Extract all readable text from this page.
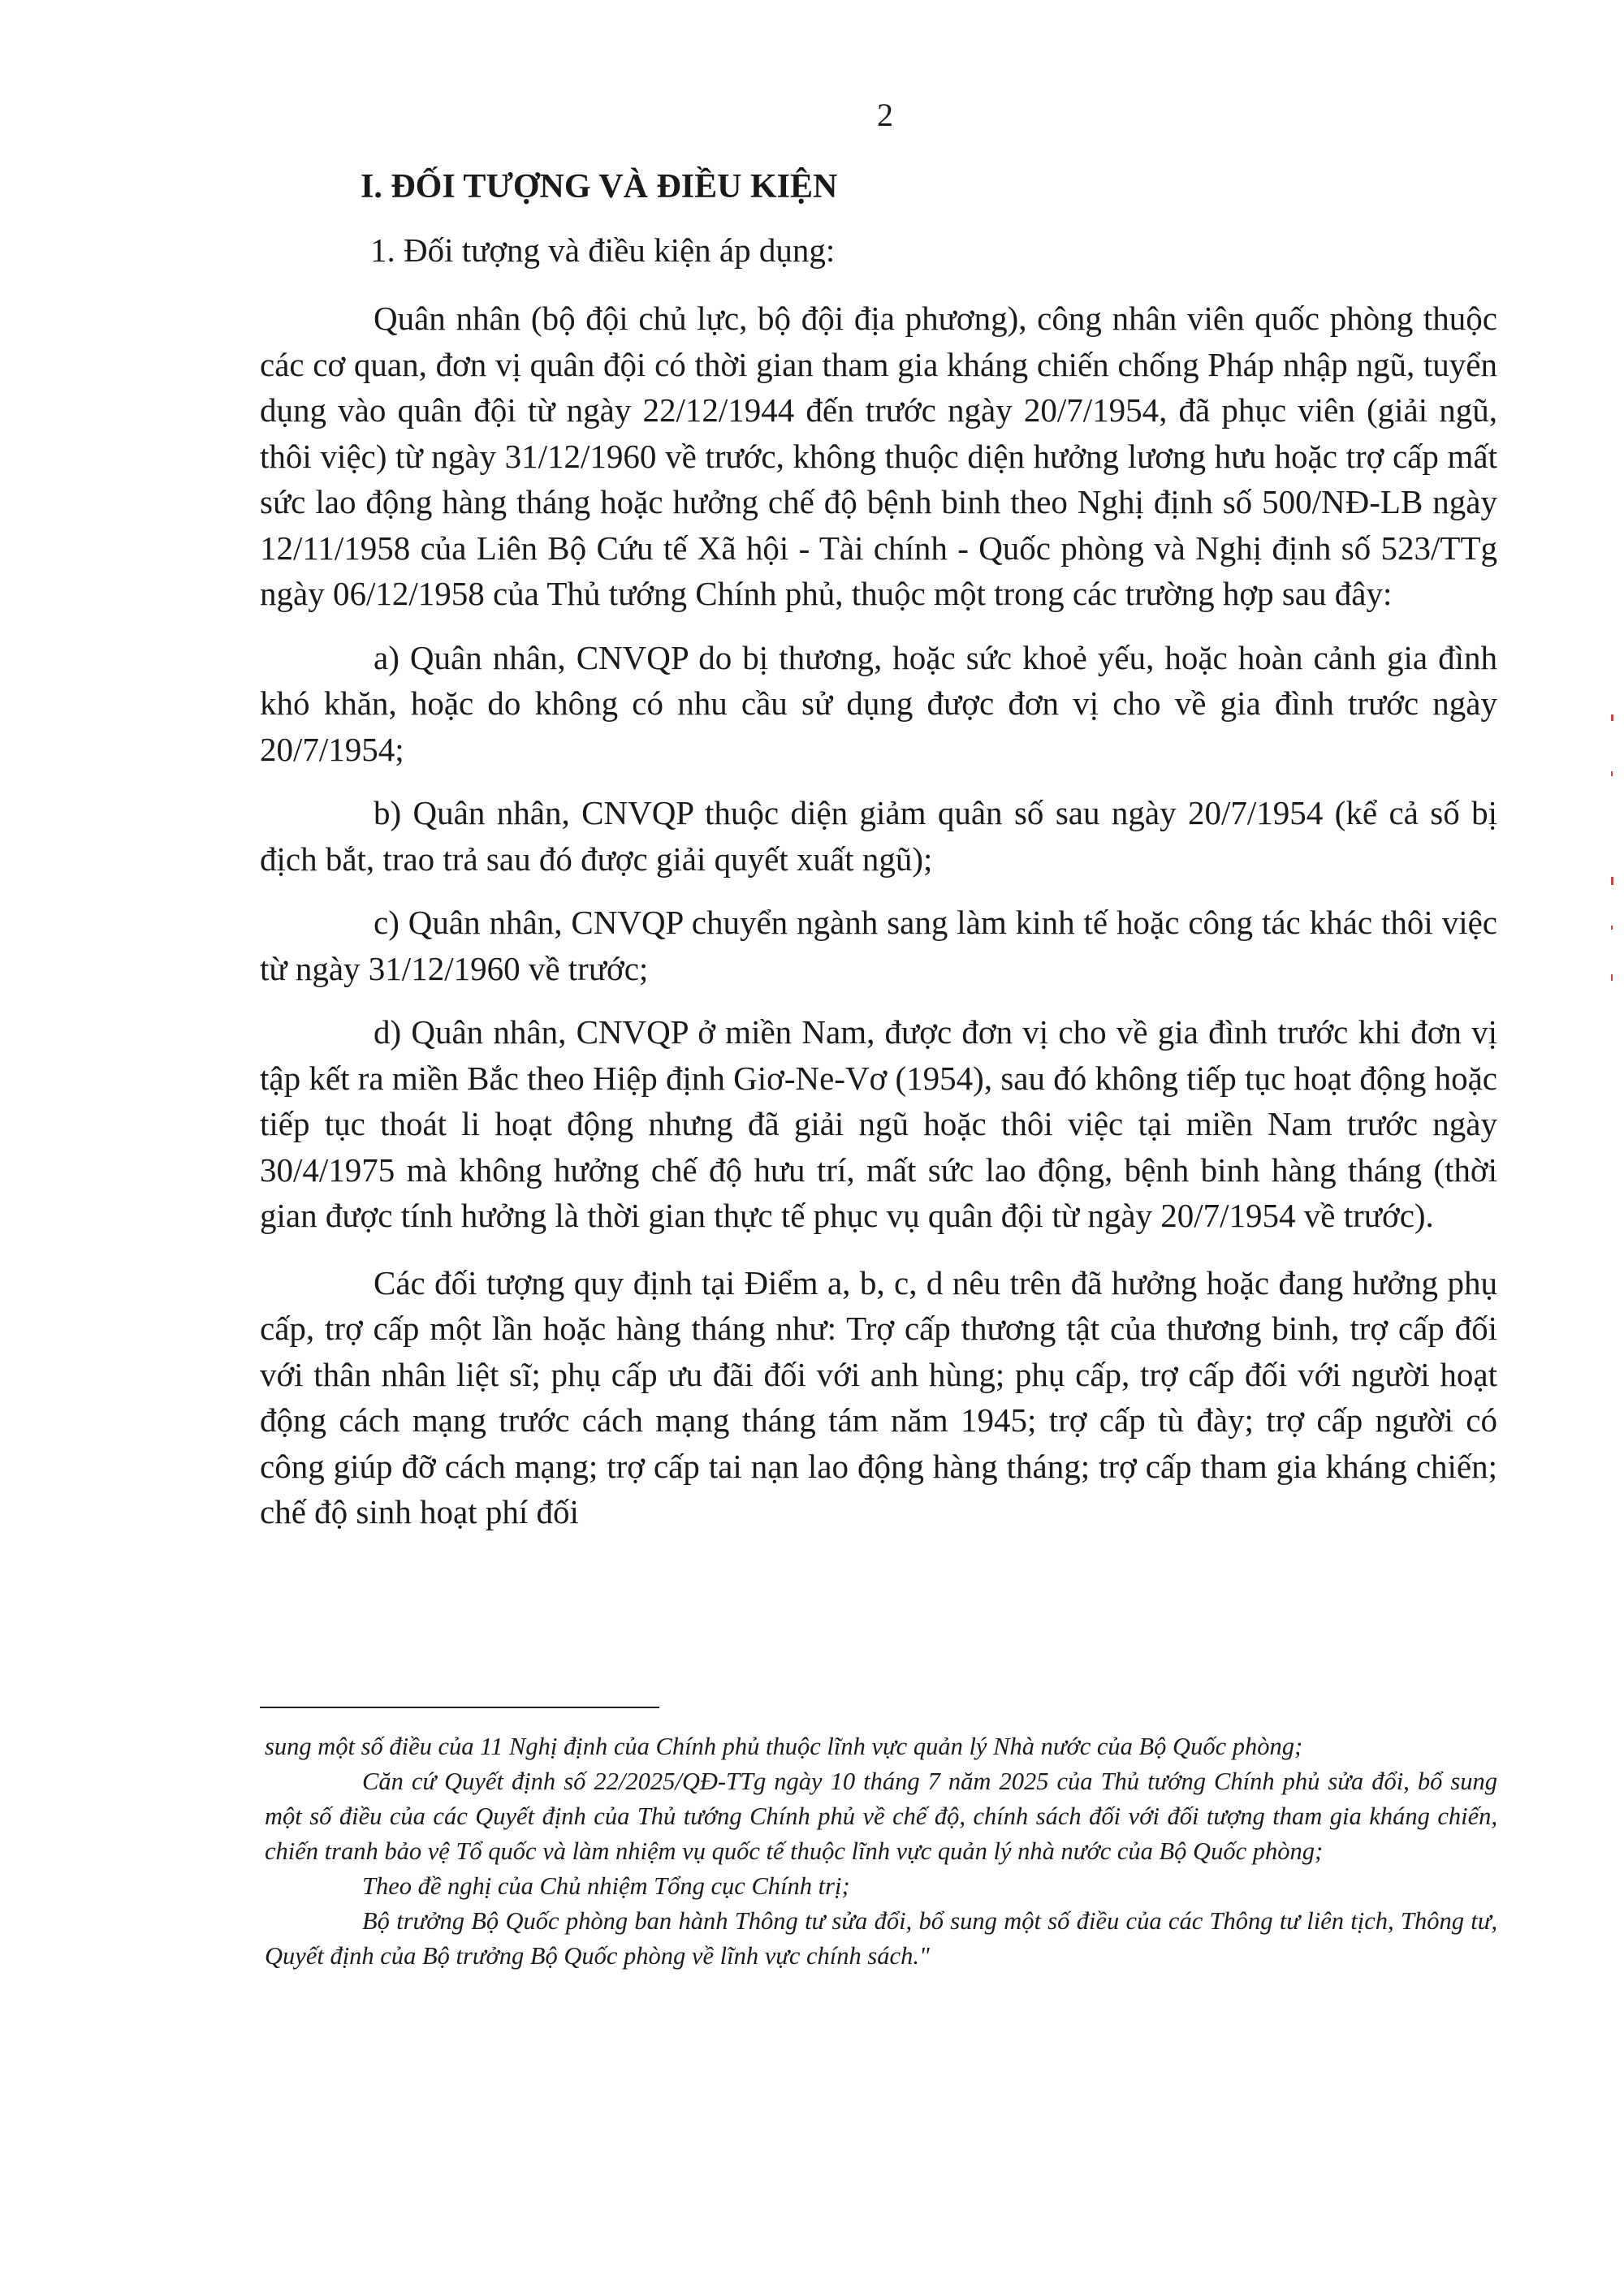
2
I. ĐỐI TƯỢNG VÀ ĐIỀU KIỆN
1. Đối tượng và điều kiện áp dụng:

Quân nhân (bộ đội chủ lực, bộ đội địa phương), công nhân viên quốc phòng thuộc các cơ quan, đơn vị quân đội có thời gian tham gia kháng chiến chống Pháp nhập ngũ, tuyển dụng vào quân đội từ ngày 22/12/1944 đến trước ngày 20/7/1954, đã phục viên (giải ngũ, thôi việc) từ ngày 31/12/1960 về trước, không thuộc diện hưởng lương hưu hoặc trợ cấp mất sức lao động hàng tháng hoặc hưởng chế độ bệnh binh theo Nghị định số 500/NĐ-LB ngày 12/11/1958 của Liên Bộ Cứu tế Xã hội - Tài chính - Quốc phòng và Nghị định số 523/TTg ngày 06/12/1958 của Thủ tướng Chính phủ, thuộc một trong các trường hợp sau đây:

a) Quân nhân, CNVQP do bị thương, hoặc sức khoẻ yếu, hoặc hoàn cảnh gia đình khó khăn, hoặc do không có nhu cầu sử dụng được đơn vị cho về gia đình trước ngày 20/7/1954;

b) Quân nhân, CNVQP thuộc diện giảm quân số sau ngày 20/7/1954 (kể cả số bị địch bắt, trao trả sau đó được giải quyết xuất ngũ);

c) Quân nhân, CNVQP chuyển ngành sang làm kinh tế hoặc công tác khác thôi việc từ ngày 31/12/1960 về trước;

d) Quân nhân, CNVQP ở miền Nam, được đơn vị cho về gia đình trước khi đơn vị tập kết ra miền Bắc theo Hiệp định Giơ-Ne-Vơ (1954), sau đó không tiếp tục hoạt động hoặc tiếp tục thoát li hoạt động nhưng đã giải ngũ hoặc thôi việc tại miền Nam trước ngày 30/4/1975 mà không hưởng chế độ hưu trí, mất sức lao động, bệnh binh hàng tháng (thời gian được tính hưởng là thời gian thực tế phục vụ quân đội từ ngày 20/7/1954 về trước).

Các đối tượng quy định tại Điểm a, b, c, d nêu trên đã hưởng hoặc đang hưởng phụ cấp, trợ cấp một lần hoặc hàng tháng như: Trợ cấp thương tật của thương binh, trợ cấp đối với thân nhân liệt sĩ; phụ cấp ưu đãi đối với anh hùng; phụ cấp, trợ cấp đối với người hoạt động cách mạng trước cách mạng tháng tám năm 1945; trợ cấp tù đày; trợ cấp người có công giúp đỡ cách mạng; trợ cấp tai nạn lao động hàng tháng; trợ cấp tham gia kháng chiến; chế độ sinh hoạt phí đối

sung một số điều của 11 Nghị định của Chính phủ thuộc lĩnh vực quản lý Nhà nước của Bộ Quốc phòng;

Căn cứ Quyết định số 22/2025/QĐ-TTg ngày 10 tháng 7 năm 2025 của Thủ tướng Chính phủ sửa đổi, bổ sung một số điều của các Quyết định của Thủ tướng Chính phủ về chế độ, chính sách đối với đối tượng tham gia kháng chiến, chiến tranh bảo vệ Tổ quốc và làm nhiệm vụ quốc tế thuộc lĩnh vực quản lý nhà nước của Bộ Quốc phòng;

Theo đề nghị của Chủ nhiệm Tổng cục Chính trị;

Bộ trưởng Bộ Quốc phòng ban hành Thông tư sửa đổi, bổ sung một số điều của các Thông tư liên tịch, Thông tư, Quyết định của Bộ trưởng Bộ Quốc phòng về lĩnh vực chính sách."
